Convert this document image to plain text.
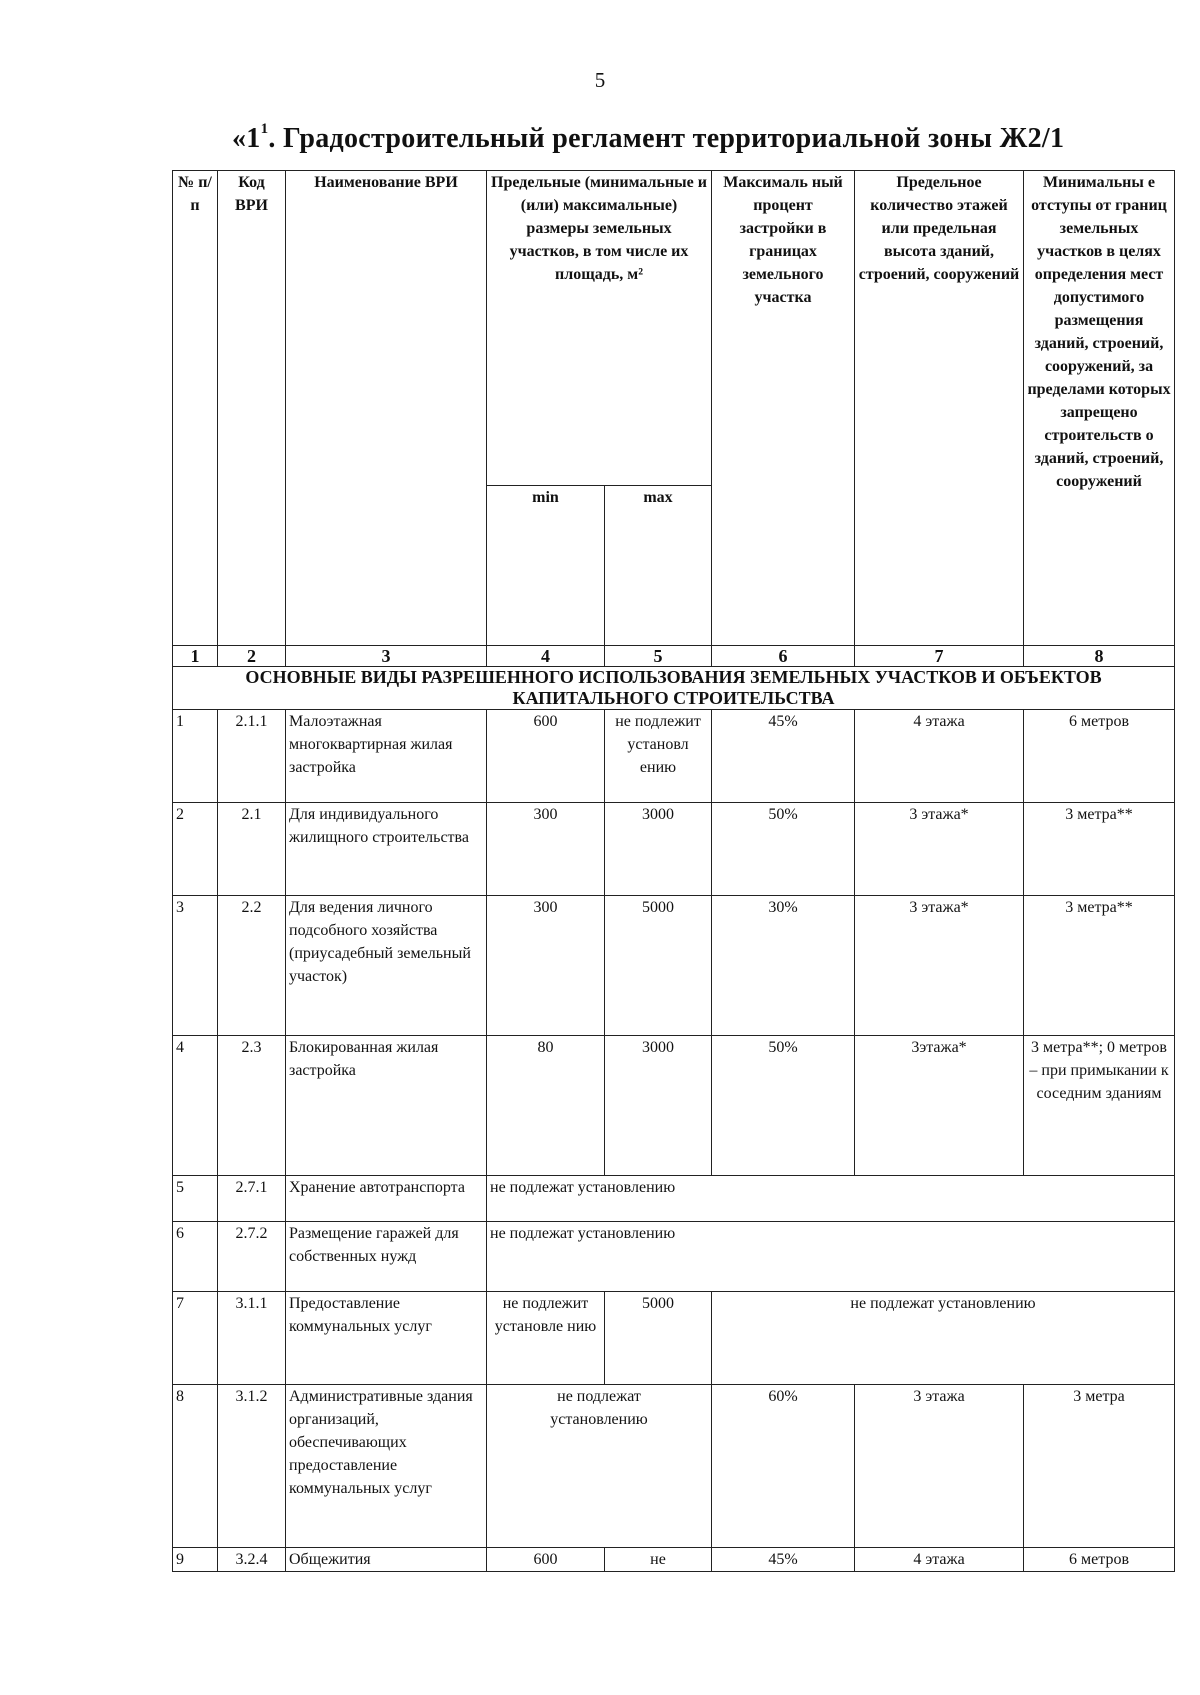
5
«$1^1$. Градостроительный регламент территориальной зоны Ж2/1
№ п/ п	Код ВРИ	Наименование ВРИ	Предельные (минимальные и (или) максимальные) размеры земельных участков, в том числе их площадь, м²		Максималь ный процент застройки в границах земельного участка	Предельное количество этажей или предельная высота зданий, строений, сооружений	Минимальны е отступы от границ земельных участков в целях определения мест допустимого размещения зданий, строений, сооружений, за пределами которых запрещено строительств о зданий, строений, сооружений
			min	max			
1	2	3	4	5	6	7	8
ОСНОВНЫЕ ВИДЫ РАЗРЕШЕННОГО ИСПОЛЬЗОВАНИЯ ЗЕМЕЛЬНЫХ УЧАСТКОВ И ОБЪЕКТОВ КАПИТАЛЬНОГО СТРОИТЕЛЬСТВА							
1	2.1.1	Малоэтажная многоквартирная жилая застройка	600	не подлежит установл ению	45%	4 этажа	6 метров
2	2.1	Для индивидуального жилищного строительства	300	3000	50%	3 этажа*	3 метра**
3	2.2	Для ведения личного подсобного хозяйства (приусадебный земельный участок)	300	5000	30%	3 этажа*	3 метра**
4	2.3	Блокированная жилая застройка	80	3000	50%	3этажа*	3 метра**; 0 метров – при примыкании к соседним зданиям
5	2.7.1	Хранение автотранспорта	не подлежат установлению				
6	2.7.2	Размещение гаражей для собственных нужд	не подлежат установлению				
7	3.1.1	Предоставление коммунальных услуг	не подлежит установле нию	5000	не подлежат установлению		
8	3.1.2	Административные здания организаций, обеспечивающих предоставление коммунальных услуг	не подлежат установлению		60%	3 этажа	3 метра
9	3.2.4	Общежития	600	не	45%	4 этажа	6 метров
